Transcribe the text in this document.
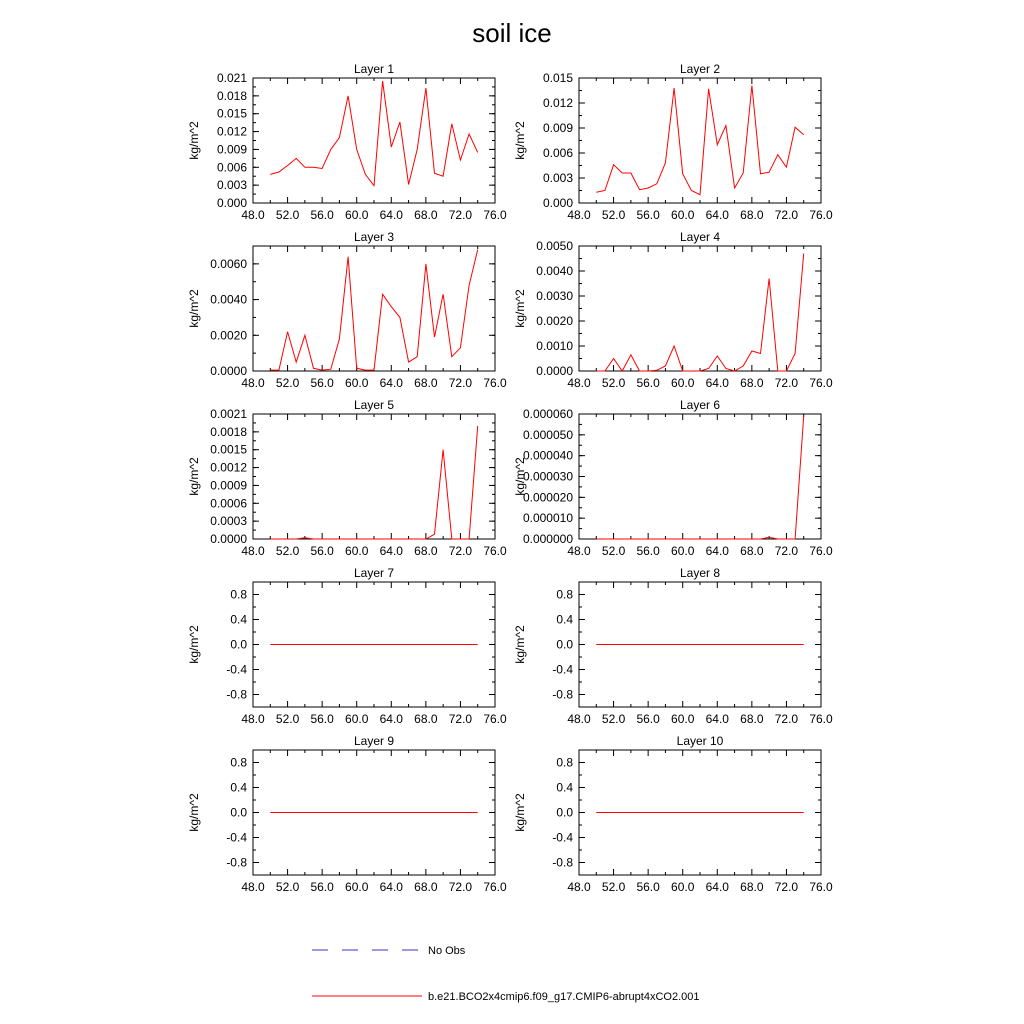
soil ice
Layer 1
kg/m^2
48.0 52.0 56.0 60.0 64.0 68.0 72.0 76.0
0.000
0.003
0.006
0.009
0.012
0.015
0.018
0.021
Layer 2
kg/m^2
48.0 52.0 56.0 60.0 64.0 68.0 72.0 76.0
0.000
0.003
0.006
0.009
0.012
0.015
Layer 3
kg/m^2
48.0 52.0 56.0 60.0 64.0 68.0 72.0 76.0
0.0000
0.0020
0.0040
0.0060
Layer 4
kg/m^2
48.0 52.0 56.0 60.0 64.0 68.0 72.0 76.0
0.0000
0.0010
0.0020
0.0030
0.0040
0.0050
Layer 5
kg/m^2
48.0 52.0 56.0 60.0 64.0 68.0 72.0 76.0
0.0000
0.0003
0.0006
0.0009
0.0012
0.0015
0.0018
0.0021
Layer 6
kg/m^2
48.0 52.0 56.0 60.0 64.0 68.0 72.0 76.0
0.000000
0.000010
0.000020
0.000030
0.000040
0.000050
0.000060
Layer 7
kg/m^2
48.0 52.0 56.0 60.0 64.0 68.0 72.0 76.0
-0.8
-0.4
0.0
0.4
0.8
Layer 8
kg/m^2
48.0 52.0 56.0 60.0 64.0 68.0 72.0 76.0
-0.8
-0.4
0.0
0.4
0.8
Layer 9
kg/m^2
48.0 52.0 56.0 60.0 64.0 68.0 72.0 76.0
-0.8
-0.4
0.0
0.4
0.8
Layer 10
kg/m^2
48.0 52.0 56.0 60.0 64.0 68.0 72.0 76.0
-0.8
-0.4
0.0
0.4
0.8
No Obs
b.e21.BCO2x4cmip6.f09_g17.CMIP6-abrupt4xCO2.001
